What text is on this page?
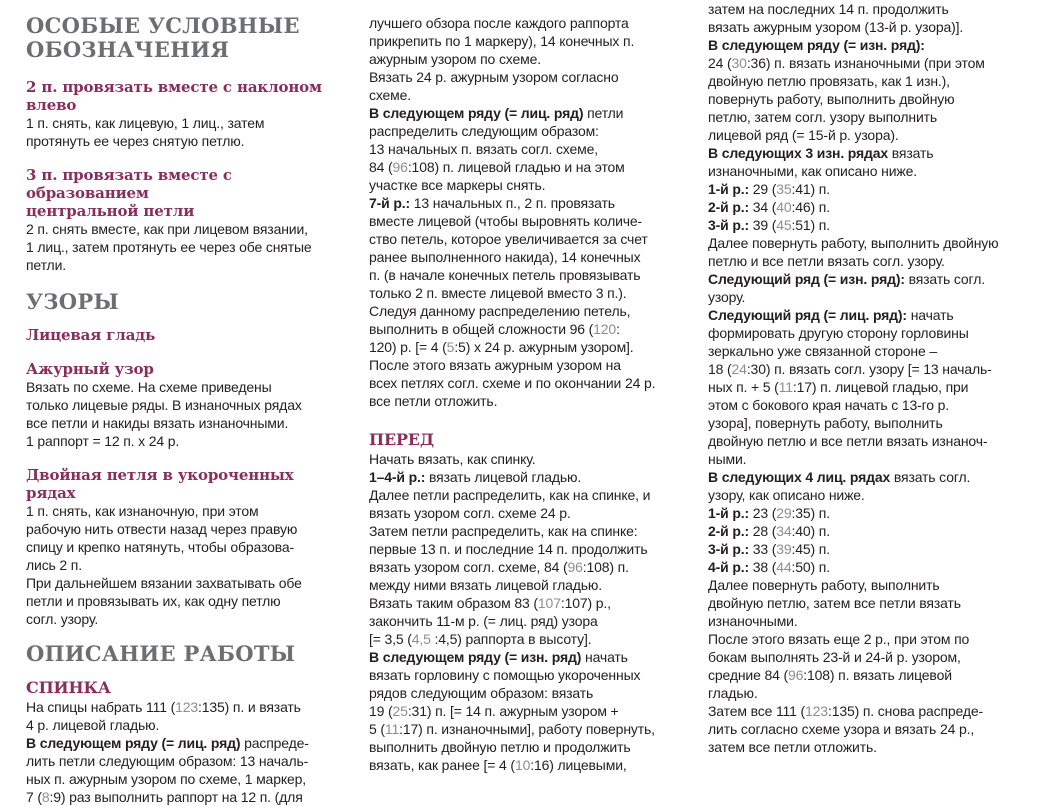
ОСОБЫЕ УСЛОВНЫЕ
ОБОЗНАЧЕНИЯ

2 п. провязать вместе с наклоном влево

1 п. снять, как лицевую, 1 лиц., затем
протянуть ее через снятую петлю.

3 п. провязать вместе с образованием
центральной петли

2 п. снять вместе, как при лицевом вязании,
1 лиц., затем протянуть ее через обе снятые
петли.

УЗОРЫ

Лицевая гладь

Ажурный узор

Вязать по схеме. На схеме приведены
только лицевые ряды. В изнаночных рядах
все петли и накиды вязать изнаночными.
1 раппорт = 12 п. х 24 р.

Двойная петля в укороченных
рядах

1 п. снять, как изнаночную, при этом
рабочую нить отвести назад через правую
спицу и крепко натянуть, чтобы образова-
лись 2 п.
При дальнейшем вязании захватывать обе
петли и провязывать их, как одну петлю
согл. узору.

ОПИСАНИЕ РАБОТЫ

СПИНКА

На спицы набрать 111 (123:135) п. и вязать
4 р. лицевой гладью.
В следующем ряду (= лиц. ряд) распреде-
лить петли следующим образом: 13 началь-
ных п. ажурным узором по схеме, 1 маркер,
7 (8:9) раз выполнить раппорт на 12 п. (для

лучшего обзора после каждого раппорта
прикрепить по 1 маркеру), 14 конечных п.
ажурным узором по схеме.
Вязать 24 р. ажурным узором согласно
схеме.
В следующем ряду (= лиц. ряд) петли
распределить следующим образом:
13 начальных п. вязать согл. схеме,
84 (96:108) п. лицевой гладью и на этом
участке все маркеры снять.
7-й р.: 13 начальных п., 2 п. провязать
вместе лицевой (чтобы выровнять количе-
ство петель, которое увеличивается за счет
ранее выполненного накида), 14 конечных
п. (в начале конечных петель провязывать
только 2 п. вместе лицевой вместо 3 п.).
Следуя данному распределению петель,
выполнить в общей сложности 96 (120:
120) р. [= 4 (5:5) х 24 р. ажурным узором].
После этого вязать ажурным узором на
всех петлях согл. схеме и по окончании 24 р.
все петли отложить.

ПЕРЕД

Начать вязать, как спинку.
1–4-й р.: вязать лицевой гладью.
Далее петли распределить, как на спинке, и
вязать узором согл. схеме 24 р.
Затем петли распределить, как на спинке:
первые 13 п. и последние 14 п. продолжить
вязать узором согл. схеме, 84 (96:108) п.
между ними вязать лицевой гладью.
Вязать таким образом 83 (107:107) р.,
закончить 11-м р. (= лиц. ряд) узора
[= 3,5 (4,5 :4,5) раппорта в высоту].
В следующем ряду (= изн. ряд) начать
вязать горловину с помощью укороченных
рядов следующим образом: вязать
19 (25:31) п. [= 14 п. ажурным узором +
5 (11:17) п. изнаночными], работу повернуть,
выполнить двойную петлю и продолжить
вязать, как ранее [= 4 (10:16) лицевыми,

затем на последних 14 п. продолжить
вязать ажурным узором (13-й р. узора)].
В следующем ряду (= изн. ряд):
24 (30:36) п. вязать изнаночными (при этом
двойную петлю провязать, как 1 изн.),
повернуть работу, выполнить двойную
петлю, затем согл. узору выполнить
лицевой ряд (= 15-й р. узора).
В следующих 3 изн. рядах вязать
изнаночными, как описано ниже.
1-й р.: 29 (35:41) п.
2-й р.: 34 (40:46) п.
3-й р.: 39 (45:51) п.
Далее повернуть работу, выполнить двойную
петлю и все петли вязать согл. узору.
Следующий ряд (= изн. ряд): вязать согл.
узору.
Следующий ряд (= лиц. ряд): начать
формировать другую сторону горловины
зеркально уже связанной стороне –
18 (24:30) п. вязать согл. узору [= 13 началь-
ных п. + 5 (11:17) п. лицевой гладью, при
этом с бокового края начать с 13-го р.
узора], повернуть работу, выполнить
двойную петлю и все петли вязать изнаноч-
ными.
В следующих 4 лиц. рядах вязать согл.
узору, как описано ниже.
1-й р.: 23 (29:35) п.
2-й р.: 28 (34:40) п.
3-й р.: 33 (39:45) п.
4-й р.: 38 (44:50) п.
Далее повернуть работу, выполнить
двойную петлю, затем все петли вязать
изнаночными.
После этого вязать еще 2 р., при этом по
бокам выполнять 23-й и 24-й р. узором,
средние 84 (96:108) п. вязать лицевой
гладью.
Затем все 111 (123:135) п. снова распреде-
лить согласно схеме узора и вязать 24 р.,
затем все петли отложить.
